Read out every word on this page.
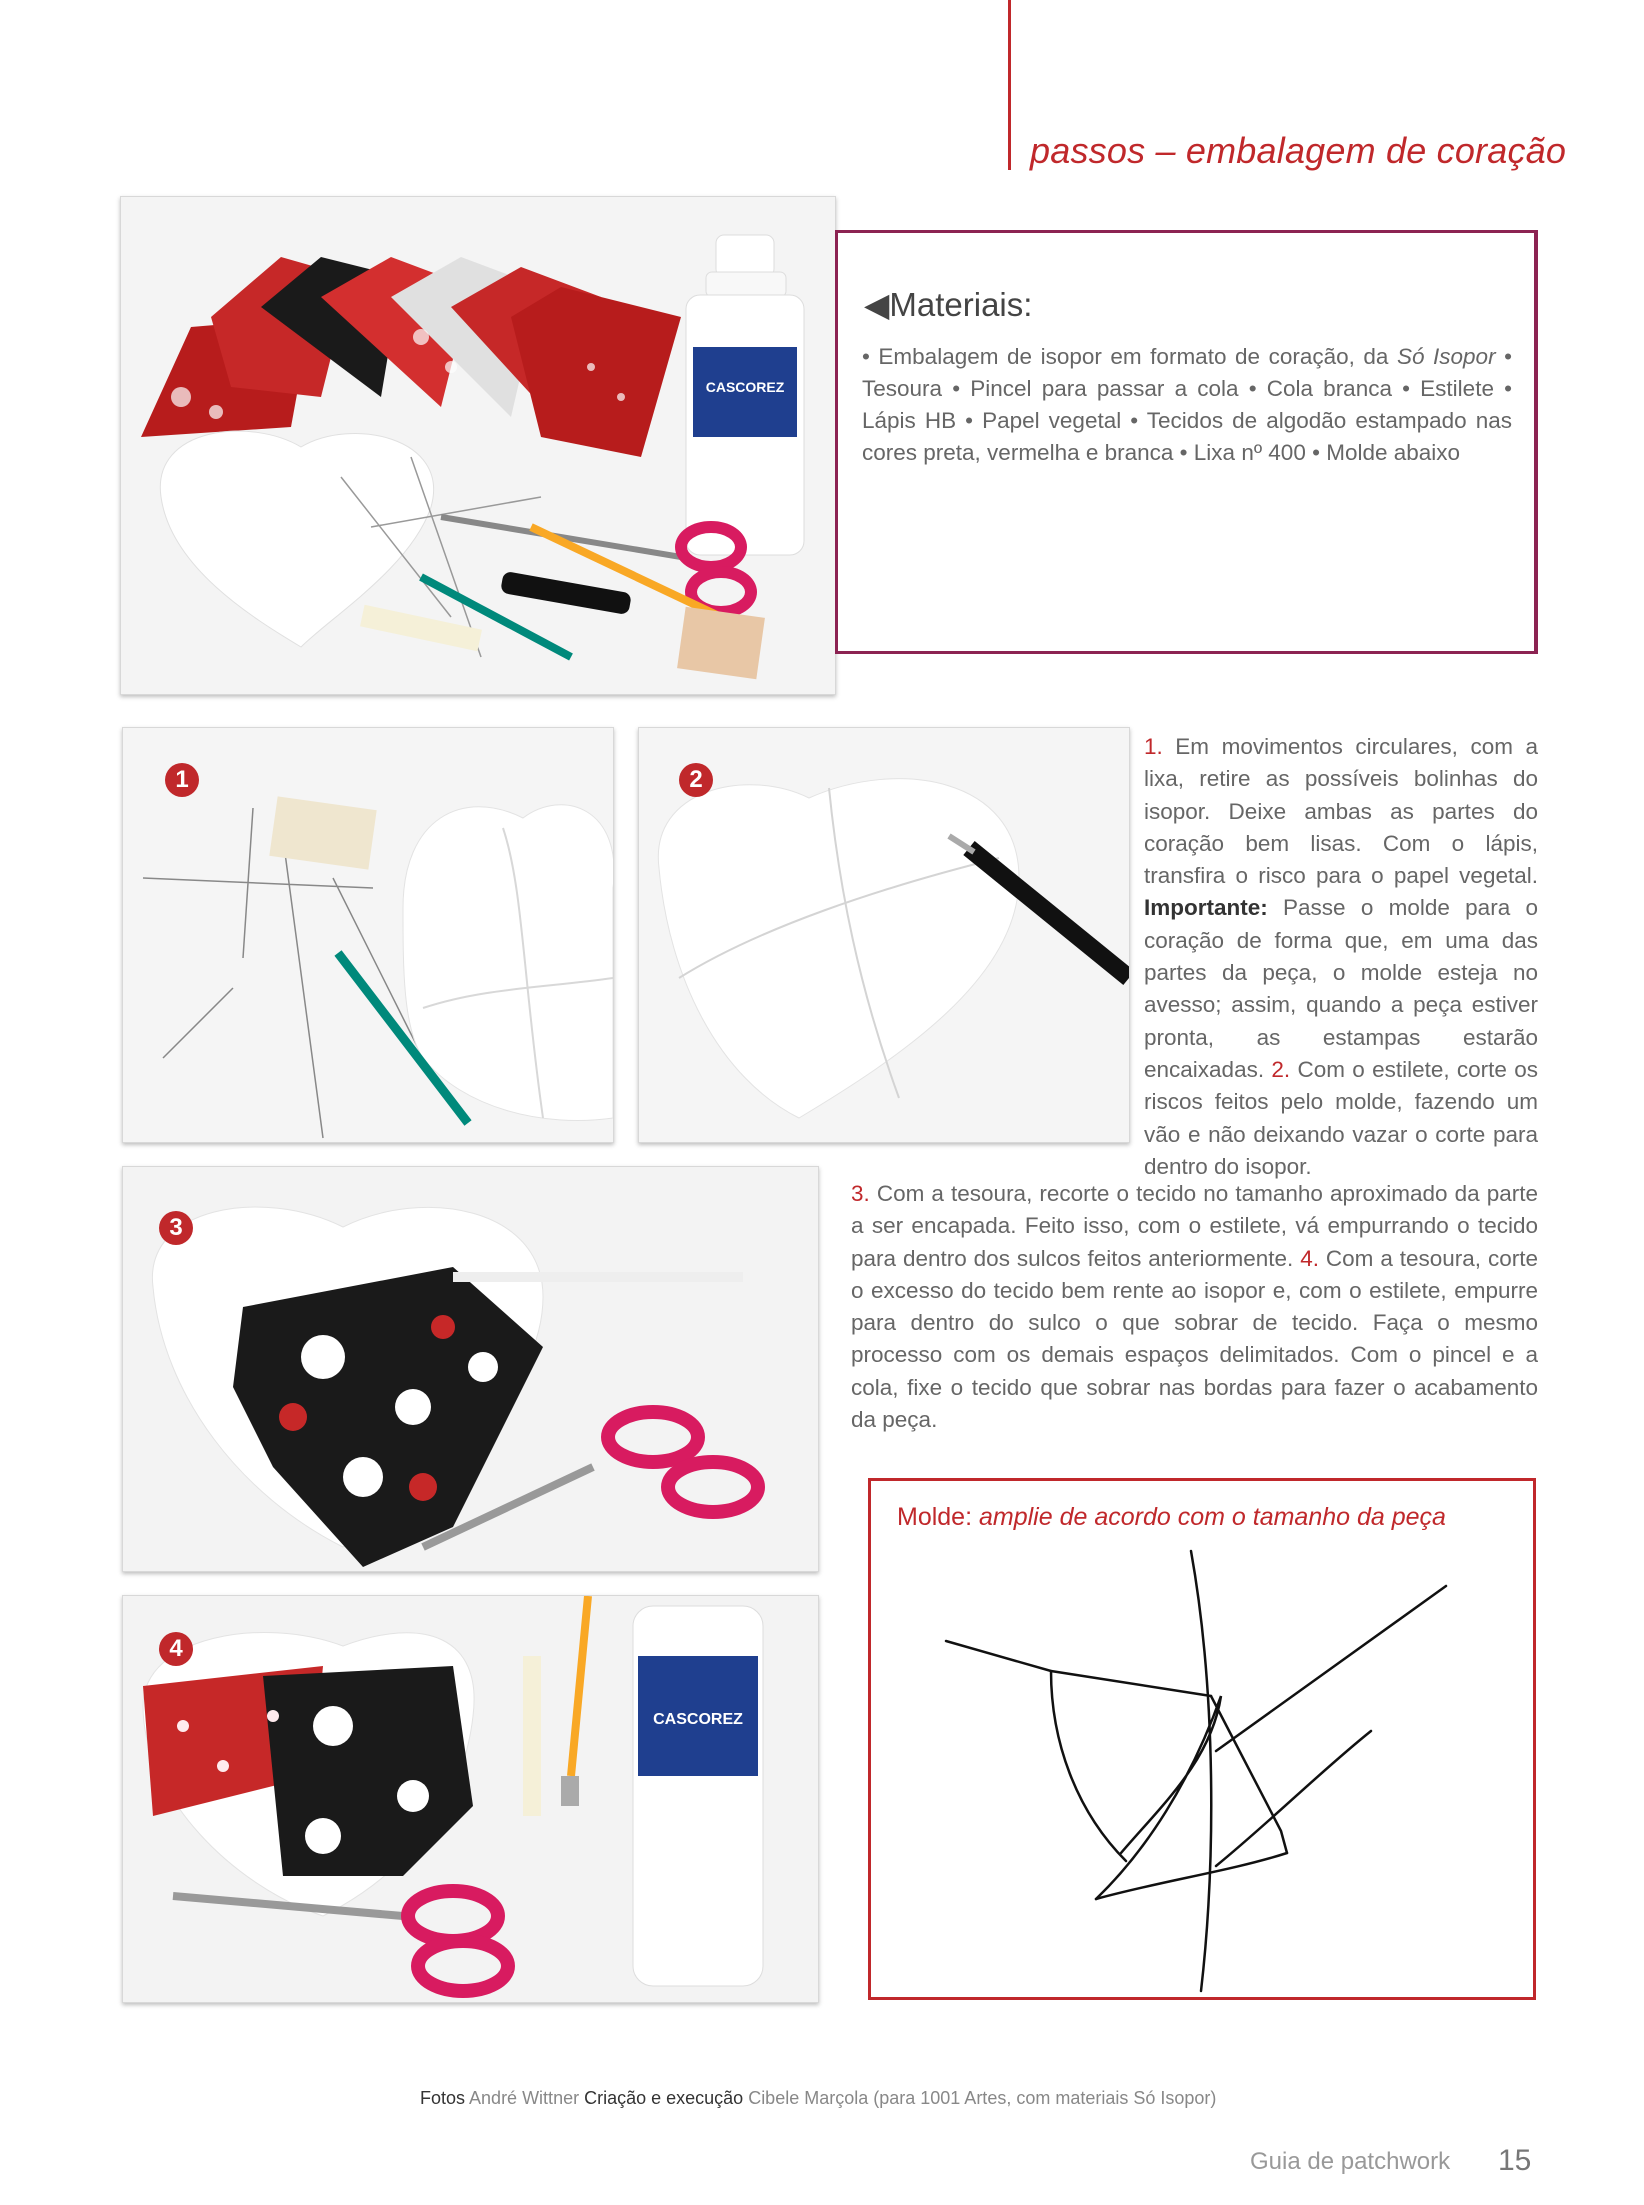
passos – embalagem de coração
CASCOREZ
◀Materiais:
• Embalagem de isopor em formato de coração, da Só Isopor • Tesoura • Pincel para passar a cola • Cola branca • Estilete • Lápis HB • Papel vegetal • Tecidos de algodão estampado nas cores preta, vermelha e branca • Lixa nº 400 • Molde abaixo
1	2
1. Em movimentos circulares, com a lixa, retire as possíveis bolinhas do isopor. Deixe ambas as partes do coração bem lisas. Com o lápis, transfira o risco para o papel vegetal. Importante: Passe o molde para o coração de forma que, em uma das partes da peça, o molde esteja no avesso; assim, quando a peça estiver pronta, as estampas estarão encaixadas. 2. Com o estilete, corte os riscos feitos pelo molde, fazendo um vão e não deixando vazar o corte para dentro do isopor.
3
3. Com a tesoura, recorte o tecido no tamanho aproximado da parte a ser encapada. Feito isso, com o estilete, vá empurrando o tecido para dentro dos sulcos feitos anteriormente. 4. Com a tesoura, corte o excesso do tecido bem rente ao isopor e, com o estilete, empurre para dentro do sulco o que sobrar de tecido. Faça o mesmo processo com os demais espaços delimitados. Com o pincel e a cola, fixe o tecido que sobrar nas bordas para fazer o acabamento da peça.
CASCOREZ
4
Molde: amplie de acordo com o tamanho da peça
Fotos André Wittner Criação e execução Cibele Marçola (para 1001 Artes, com materiais Só Isopor)
Guia de patchwork 15
